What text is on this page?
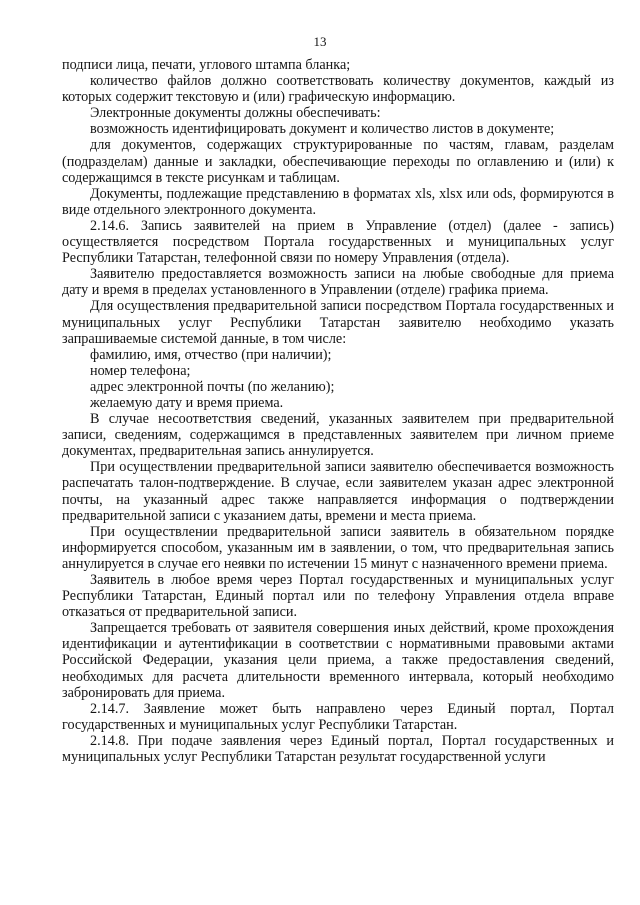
13

подписи лица, печати, углового штампа бланка;

количество файлов должно соответствовать количеству документов, каждый из которых содержит текстовую и (или) графическую информацию.

Электронные документы должны обеспечивать:

возможность идентифицировать документ и количество листов в документе;

для документов, содержащих структурированные по частям, главам, разделам (подразделам) данные и закладки, обеспечивающие переходы по оглавлению и (или) к содержащимся в тексте рисункам и таблицам.

Документы, подлежащие представлению в форматах xls, xlsx или ods, формируются в виде отдельного электронного документа.

2.14.6. Запись заявителей на прием в Управление (отдел) (далее - запись) осуществляется посредством Портала государственных и муниципальных услуг Республики Татарстан, телефонной связи по номеру Управления (отдела).

Заявителю предоставляется возможность записи на любые свободные для приема дату и время в пределах установленного в Управлении (отделе) графика приема.

Для осуществления предварительной записи посредством Портала государственных и муниципальных услуг Республики Татарстан заявителю необходимо указать запрашиваемые системой данные, в том числе:

фамилию, имя, отчество (при наличии);

номер телефона;

адрес электронной почты (по желанию);

желаемую дату и время приема.

В случае несоответствия сведений, указанных заявителем при предварительной записи, сведениям, содержащимся в представленных заявителем при личном приеме документах, предварительная запись аннулируется.

При осуществлении предварительной записи заявителю обеспечивается возможность распечатать талон-подтверждение. В случае, если заявителем указан адрес электронной почты, на указанный адрес также направляется информация о подтверждении предварительной записи с указанием даты, времени и места приема.

При осуществлении предварительной записи заявитель в обязательном порядке информируется способом, указанным им в заявлении, о том, что предварительная запись аннулируется в случае его неявки по истечении 15 минут с назначенного времени приема.

Заявитель в любое время через Портал государственных и муниципальных услуг Республики Татарстан, Единый портал или по телефону Управления отдела вправе отказаться от предварительной записи.

Запрещается требовать от заявителя совершения иных действий, кроме прохождения идентификации и аутентификации в соответствии с нормативными правовыми актами Российской Федерации, указания цели приема, а также предоставления сведений, необходимых для расчета длительности временного интервала, который необходимо забронировать для приема.

2.14.7. Заявление может быть направлено через Единый портал, Портал государственных и муниципальных услуг Республики Татарстан.

2.14.8. При подаче заявления через Единый портал, Портал государственных и муниципальных услуг Республики Татарстан результат государственной услуги
